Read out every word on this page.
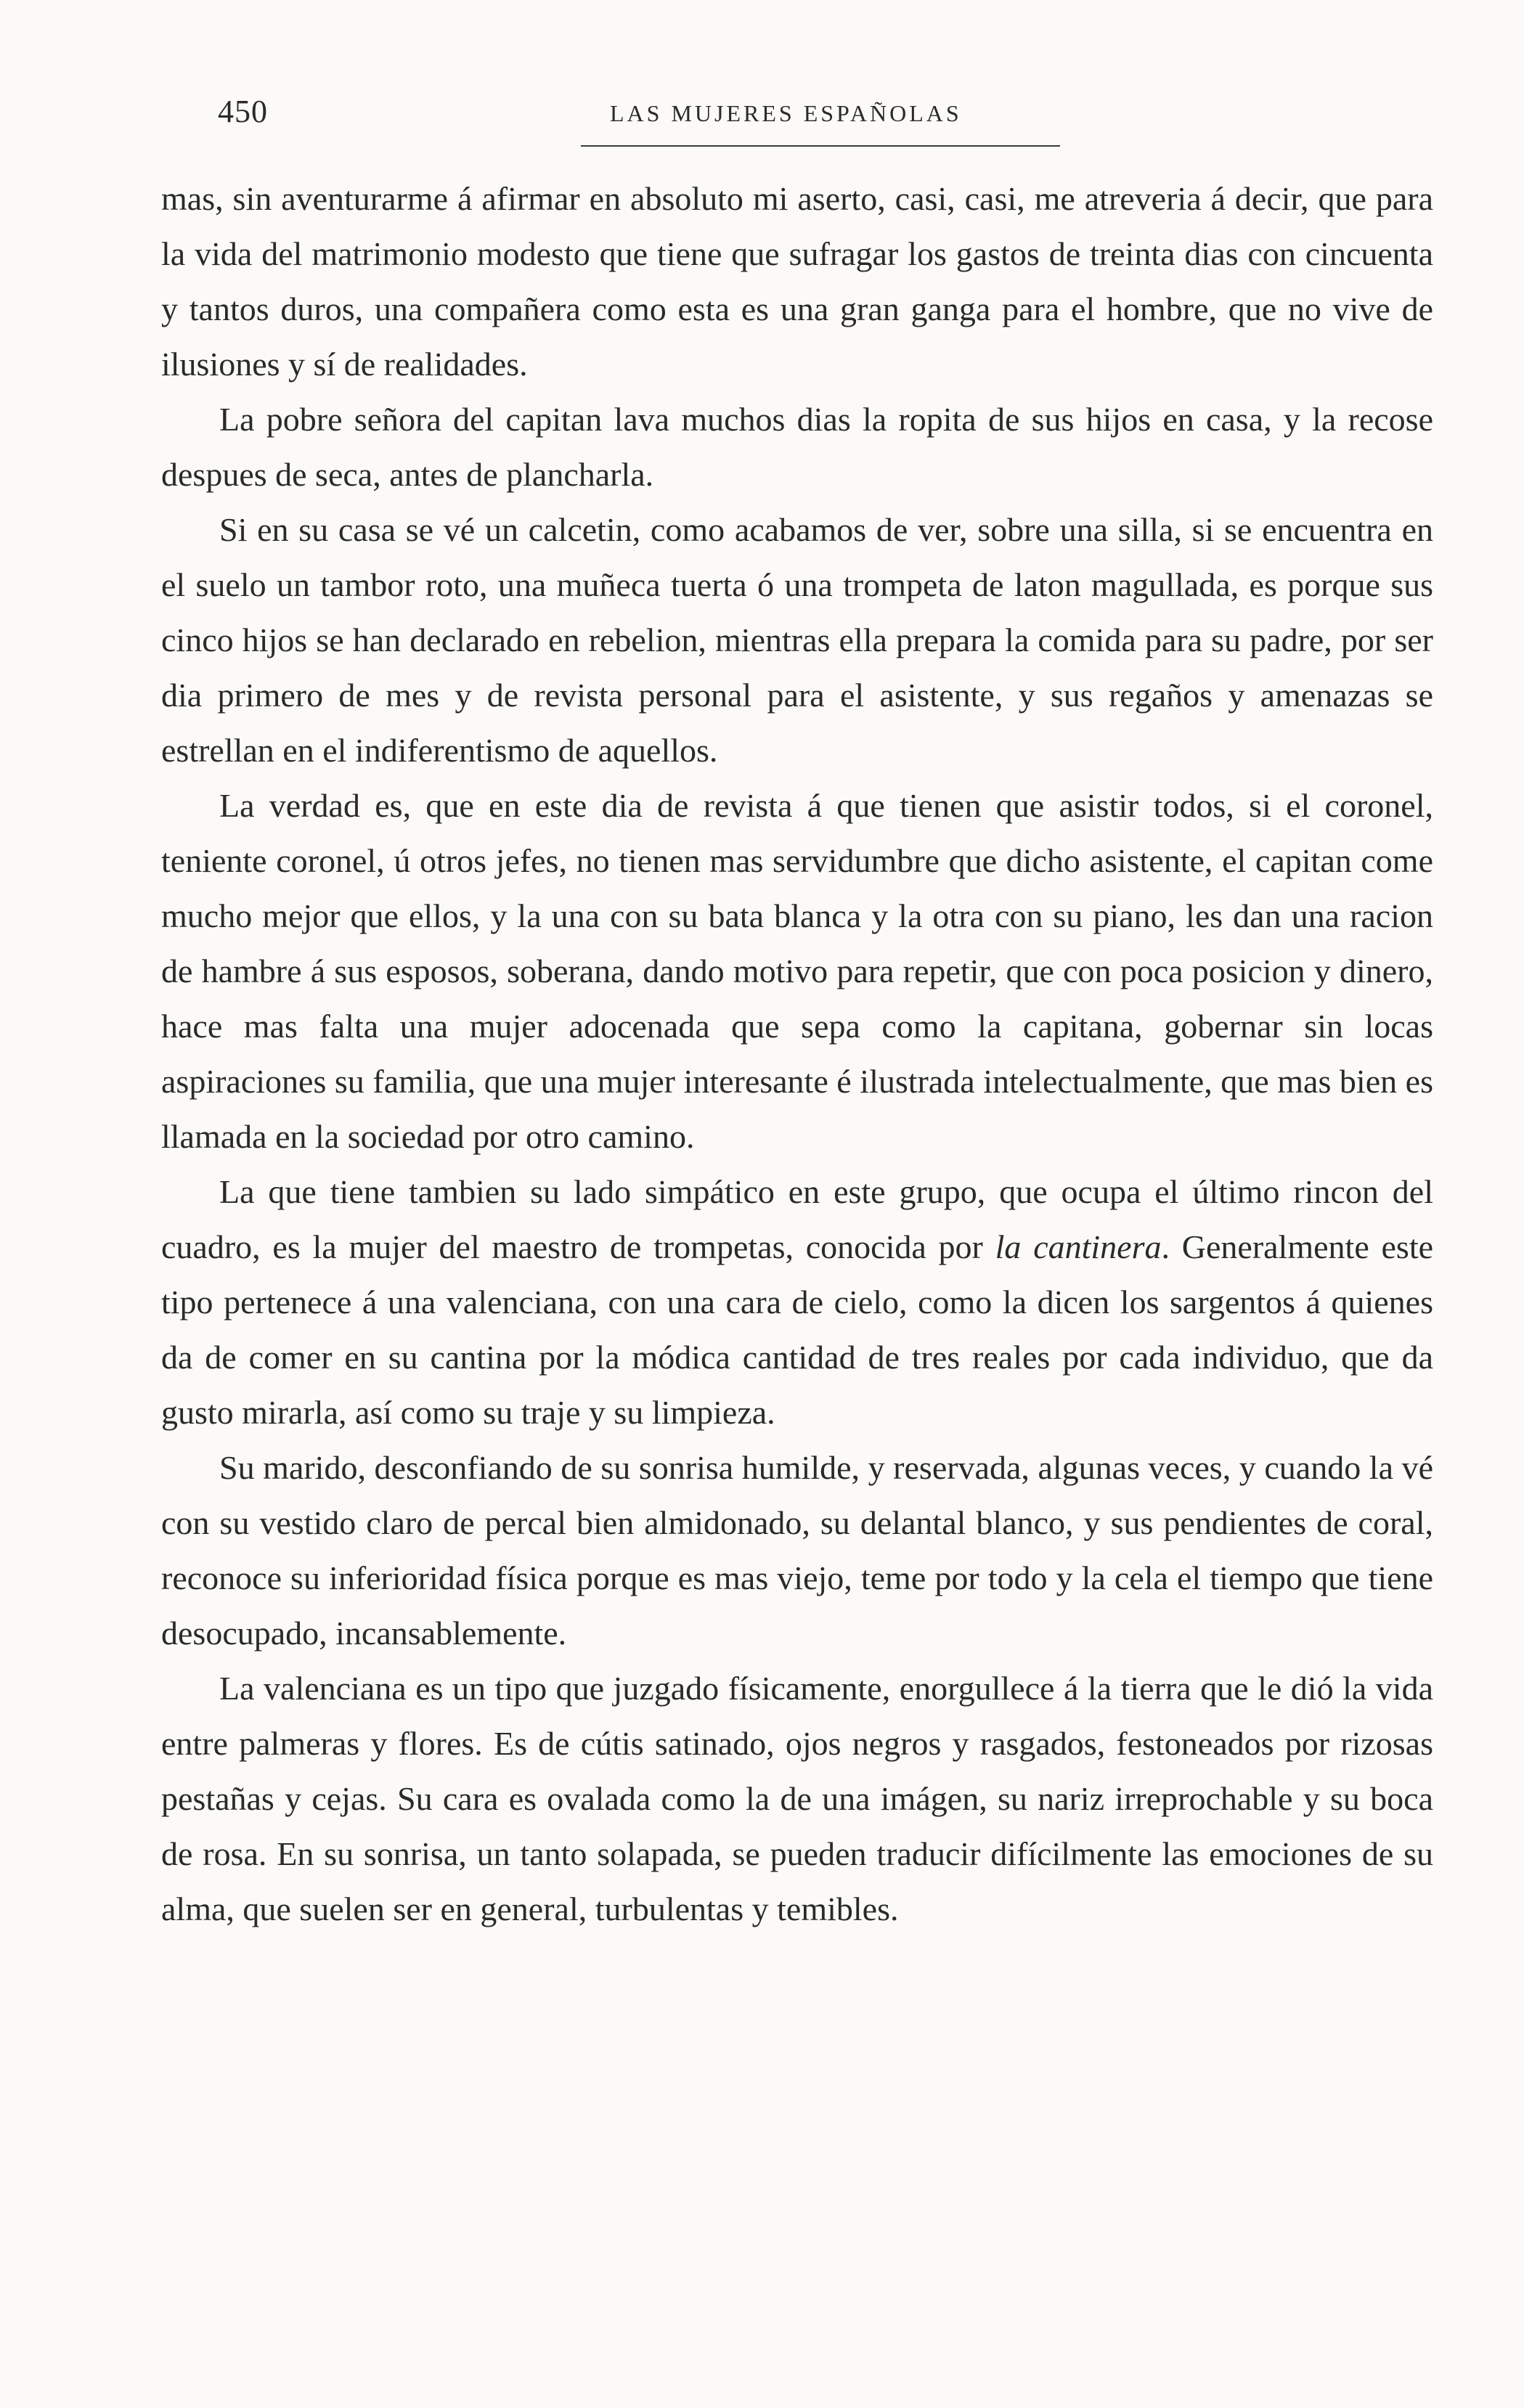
450	LAS MUJERES ESPAÑOLAS

mas, sin aventurarme á afirmar en absoluto mi aserto, casi, casi, me atreveria á decir, que para la vida del matrimonio modesto que tiene que sufragar los gastos de treinta dias con cincuenta y tantos duros, una compañera como esta es una gran ganga para el hombre, que no vive de ilusiones y sí de realidades.

La pobre señora del capitan lava muchos dias la ropita de sus hijos en casa, y la recose despues de seca, antes de plancharla.

Si en su casa se vé un calcetin, como acabamos de ver, sobre una silla, si se encuentra en el suelo un tambor roto, una muñeca tuerta ó una trompeta de laton magullada, es porque sus cinco hijos se han declarado en rebelion, mientras ella prepara la comida para su padre, por ser dia primero de mes y de revista personal para el asistente, y sus regaños y amenazas se estrellan en el indiferentismo de aquellos.

La verdad es, que en este dia de revista á que tienen que asistir todos, si el coronel, teniente coronel, ú otros jefes, no tienen mas servidumbre que dicho asistente, el capitan come mucho mejor que ellos, y la una con su bata blanca y la otra con su piano, les dan una racion de hambre á sus esposos, soberana, dando motivo para repetir, que con poca posicion y dinero, hace mas falta una mujer adocenada que sepa como la capitana, gobernar sin locas aspiraciones su familia, que una mujer interesante é ilustrada intelectualmente, que mas bien es llamada en la sociedad por otro camino.

La que tiene tambien su lado simpático en este grupo, que ocupa el último rincon del cuadro, es la mujer del maestro de trompetas, conocida por la cantinera. Generalmente este tipo pertenece á una valenciana, con una cara de cielo, como la dicen los sargentos á quienes da de comer en su cantina por la módica cantidad de tres reales por cada individuo, que da gusto mirarla, así como su traje y su limpieza.

Su marido, desconfiando de su sonrisa humilde, y reservada, algunas veces, y cuando la vé con su vestido claro de percal bien almidonado, su delantal blanco, y sus pendientes de coral, reconoce su inferioridad física porque es mas viejo, teme por todo y la cela el tiempo que tiene desocupado, incansablemente.

La valenciana es un tipo que juzgado físicamente, enorgullece á la tierra que le dió la vida entre palmeras y flores. Es de cútis satinado, ojos negros y rasgados, festoneados por rizosas pestañas y cejas. Su cara es ovalada como la de una imágen, su nariz irreprochable y su boca de rosa. En su sonrisa, un tanto solapada, se pueden traducir difícilmente las emociones de su alma, que suelen ser en general, turbulentas y temibles.
